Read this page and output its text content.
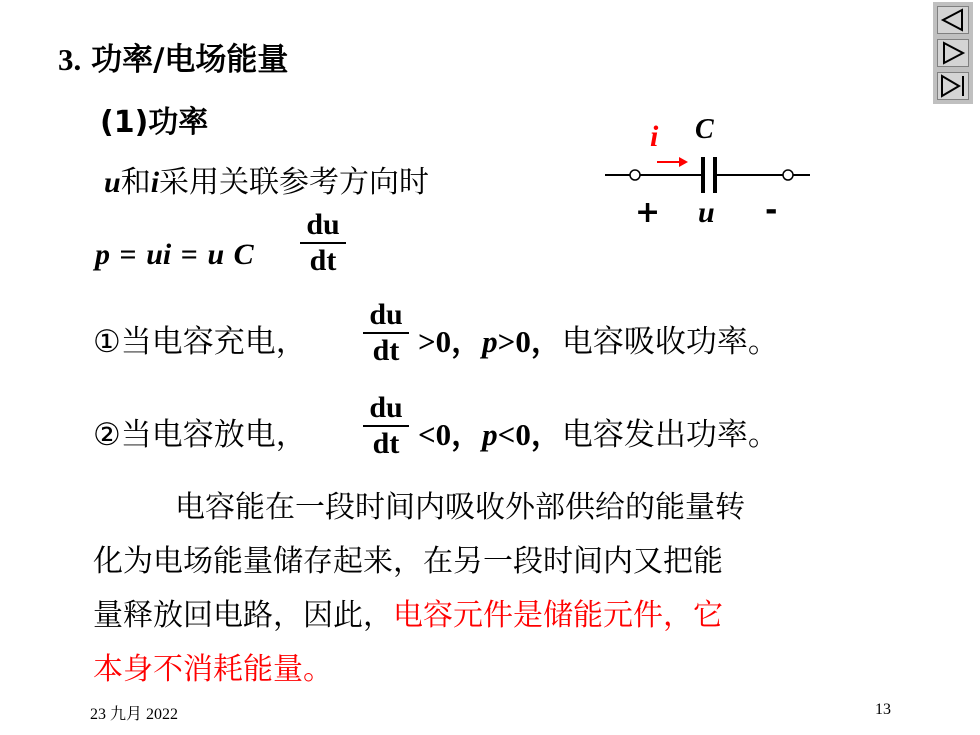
3. 功率/电场能量
(1)功率
u和i采用关联参考方向时
p = ui = u C
du
dt
①当电容充电，
du
dt >0，p>0，电容吸收功率。
②当电容放电，
du
dt <0，p<0，电容发出功率。
电容能在一段时间内吸收外部供给的能量转
化为电场能量储存起来，在另一段时间内又把能
量释放回电路，因此，电容元件是储能元件，它
本身不消耗能量。
i C
+ u -
23 九月 2022	13
